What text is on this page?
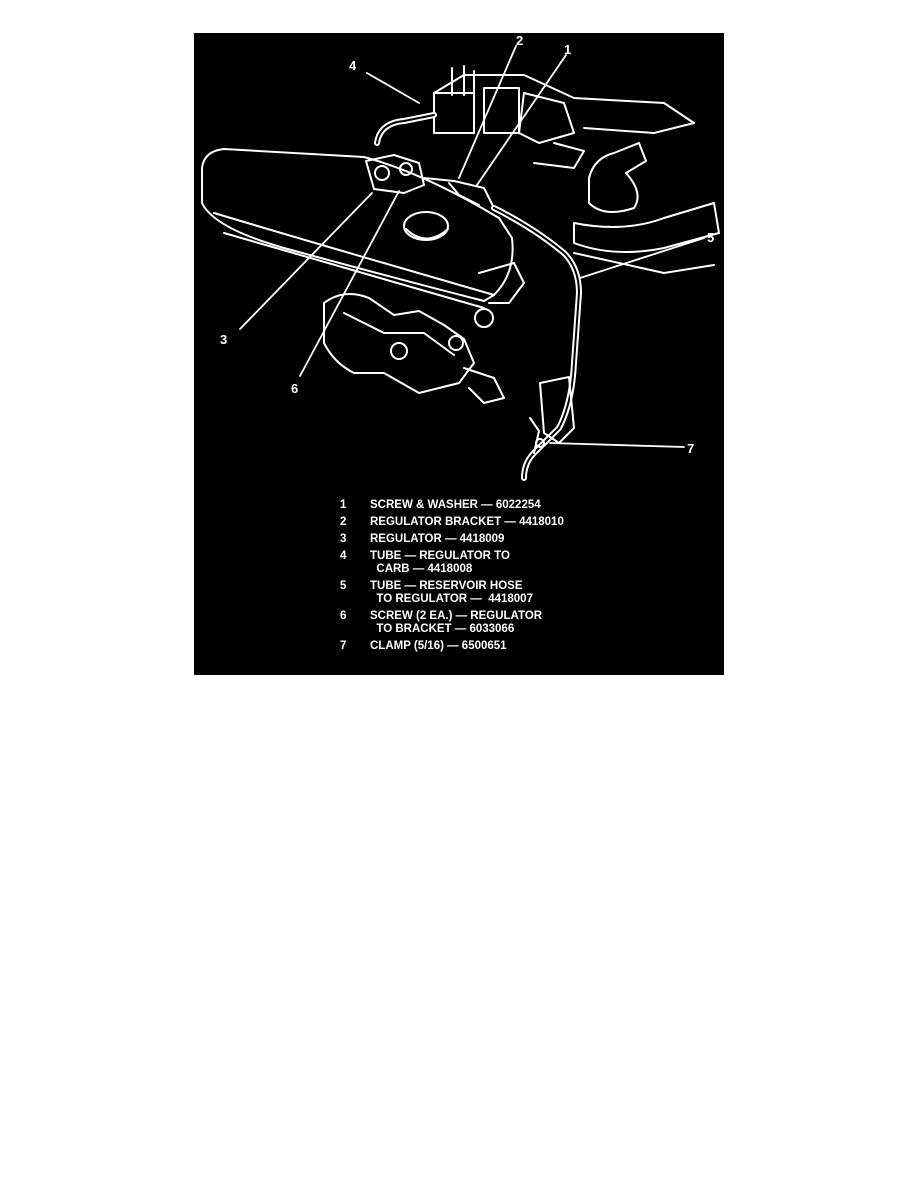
4
2
1
5
3
6
7
1	SCREW & WASHER — 6022254
2	REGULATOR BRACKET — 4418010
3	REGULATOR — 4418009
4	TUBE — REGULATOR TO
CARB — 4418008
5	TUBE — RESERVOIR HOSE
TO REGULATOR —  4418007
6	SCREW (2 EA.) — REGULATOR
TO BRACKET — 6033066
7	CLAMP (5/16) — 6500651
